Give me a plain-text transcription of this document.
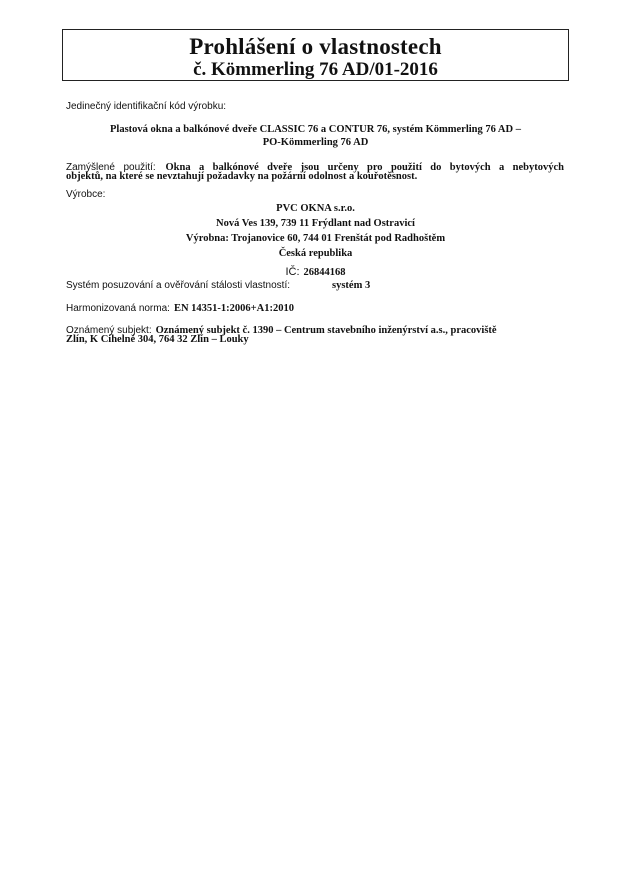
Prohlášení o vlastnostech
č. Kömmerling 76 AD/01-2016
Jedinečný identifikační kód výrobku:
Plastová okna a balkónové dveře CLASSIC 76 a CONTUR 76, systém Kömmerling 76 AD –
PO-Kömmerling 76 AD
Zamýšlené použití: Okna a balkónové dveře jsou určeny pro použití do bytových a nebytových
objektů, na které se nevztahují požadavky na požární odolnost a kouřotěsnost.
Výrobce:
PVC OKNA s.r.o.
Nová Ves 139, 739 11 Frýdlant nad Ostravicí
Výrobna: Trojanovice 60, 744 01 Frenštát pod Radhoštěm
Česká republika
IČ: 26844168
Systém posuzování a ověřování stálosti vlastností:	systém 3
Harmonizovaná norma: EN 14351-1:2006+A1:2010
Oznámený subjekt: Oznámený subjekt č. 1390 – Centrum stavebního inženýrství a.s., pracoviště
Zlín, K Cihelně 304, 764 32 Zlín – Louky
